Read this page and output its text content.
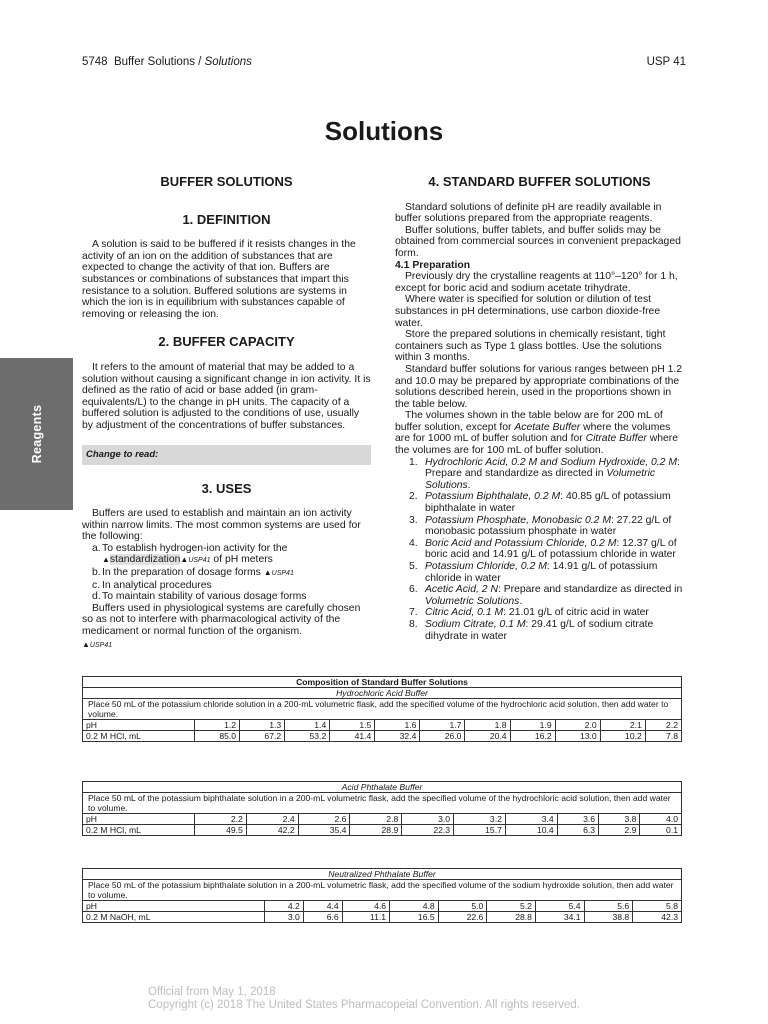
5748 Buffer Solutions / Solutions	USP 41
Reagents
Solutions
BUFFER SOLUTIONS
1. DEFINITION

A solution is said to be buffered if it resists changes in the activity of an ion on the addition of substances that are expected to change the activity of that ion. Buffers are substances or combinations of substances that impart this resistance to a solution. Buffered solutions are systems in which the ion is in equilibrium with substances capable of removing or releasing the ion.

2. BUFFER CAPACITY

It refers to the amount of material that may be added to a solution without causing a significant change in ion activity. It is defined as the ratio of acid or base added (in gram-equivalents/L) to the change in pH units. The capacity of a buffered solution is adjusted to the conditions of use, usually by adjustment of the concentrations of buffer substances.

Change to read:
3. USES

Buffers are used to establish and maintain an ion activity within narrow limits. The most common systems are used for the following:

a. To establish hydrogen-ion activity for the ▲standardization▲USP41 of pH meters
b. In the preparation of dosage forms ▲USP41
c. In analytical procedures
d. To maintain stability of various dosage forms

Buffers used in physiological systems are carefully chosen so as not to interfere with pharmacological activity of the medicament or normal function of the organism.

▲USP41
4. STANDARD BUFFER SOLUTIONS

Standard solutions of definite pH are readily available in buffer solutions prepared from the appropriate reagents.

Buffer solutions, buffer tablets, and buffer solids may be obtained from commercial sources in convenient prepackaged form.

4.1 Preparation

Previously dry the crystalline reagents at 110°–120° for 1 h, except for boric acid and sodium acetate trihydrate.

Where water is specified for solution or dilution of test substances in pH determinations, use carbon dioxide-free water.

Store the prepared solutions in chemically resistant, tight containers such as Type 1 glass bottles. Use the solutions within 3 months.

Standard buffer solutions for various ranges between pH 1.2 and 10.0 may be prepared by appropriate combinations of the solutions described herein, used in the proportions shown in the table below.

The volumes shown in the table below are for 200 mL of buffer solution, except for Acetate Buffer where the volumes are for 1000 mL of buffer solution and for Citrate Buffer where the volumes are for 100 mL of buffer solution.

1. Hydrochloric Acid, 0.2 M and Sodium Hydroxide, 0.2 M: Prepare and standardize as directed in Volumetric Solutions.
2. Potassium Biphthalate, 0.2 M: 40.85 g/L of potassium biphthalate in water
3. Potassium Phosphate, Monobasic 0.2 M: 27.22 g/L of monobasic potassium phosphate in water
4. Boric Acid and Potassium Chloride, 0.2 M: 12.37 g/L of boric acid and 14.91 g/L of potassium chloride in water
5. Potassium Chloride, 0.2 M: 14.91 g/L of potassium chloride in water
6. Acetic Acid, 2 N: Prepare and standardize as directed in Volumetric Solutions.
7. Citric Acid, 0.1 M: 21.01 g/L of citric acid in water
8. Sodium Citrate, 0.1 M: 29.41 g/L of sodium citrate dihydrate in water
Composition of Standard Buffer Solutions											
Hydrochloric Acid Buffer											
Place 50 mL of the potassium chloride solution in a 200-mL volumetric flask, add the specified volume of the hydrochloric acid solution, then add water to volume.											
pH	1.2	1.3	1.4	1.5	1.6	1.7	1.8	1.9	2.0	2.1	2.2
0.2 M HCl, mL	85.0	67.2	53.2	41.4	32.4	26.0	20.4	16.2	13.0	10.2	7.8
Acid Phthalate Buffer										
Place 50 mL of the potassium biphthalate solution in a 200-mL volumetric flask, add the specified volume of the hydrochloric acid solution, then add water to volume.										
pH	2.2	2.4	2.6	2.8	3.0	3.2	3.4	3.6	3.8	4.0
0.2 M HCl, mL	49.5	42.2	35.4	28.9	22.3	15.7	10.4	6.3	2.9	0.1
Neutralized Phthalate Buffer									
Place 50 mL of the potassium biphthalate solution in a 200-mL volumetric flask, add the specified volume of the sodium hydroxide solution, then add water to volume.									
pH	4.2	4.4	4.6	4.8	5.0	5.2	5.4	5.6	5.8
0.2 M NaOH, mL	3.0	6.6	11.1	16.5	22.6	28.8	34.1	38.8	42.3
Official from May 1, 2018
Copyright (c) 2018 The United States Pharmacopeial Convention. All rights reserved.
